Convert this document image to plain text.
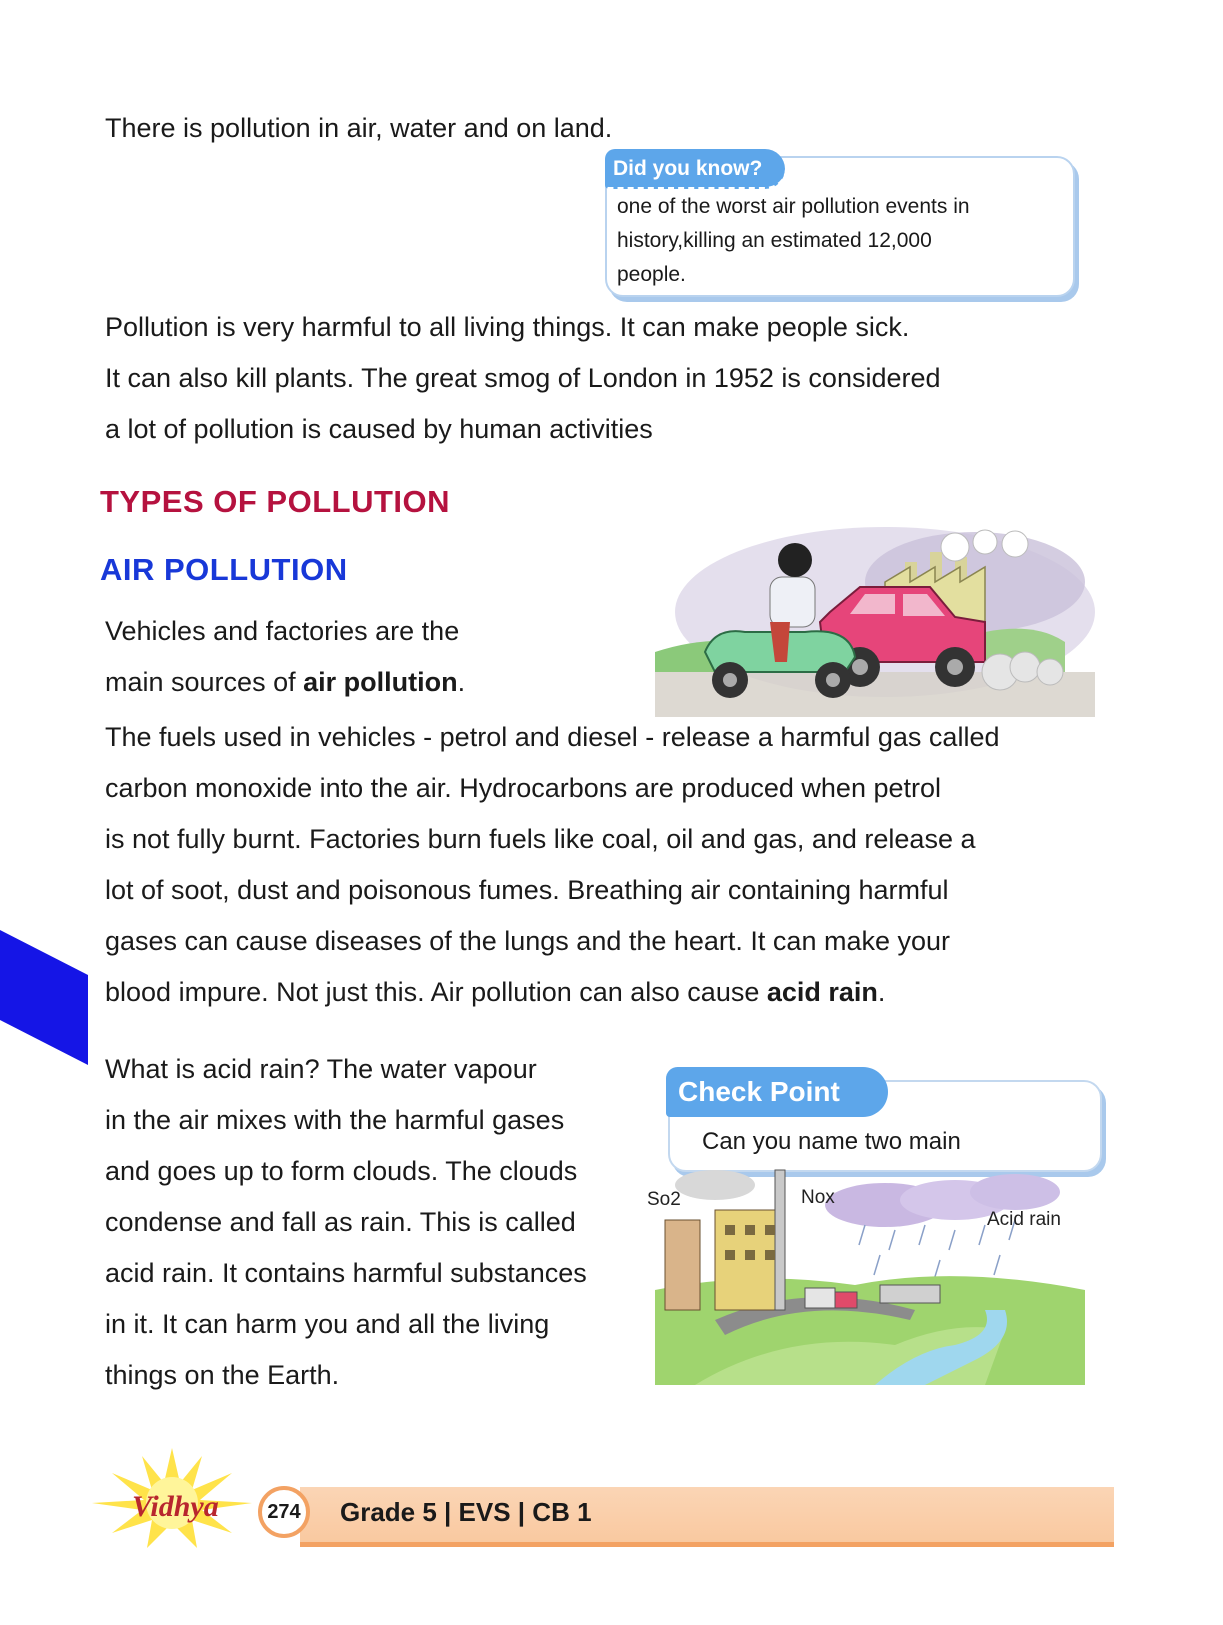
There is pollution in air, water and on land.

Did you know?
one of the worst air pollution events in
history,killing an estimated 12,000
people.
Pollution is very harmful to all living things. It can make people sick.
It can also kill plants. The great smog of London in 1952 is considered
a lot of pollution is caused by human activities
TYPES OF POLLUTION
AIR POLLUTION
Vehicles and factories are the
main sources of air pollution.
The fuels used in vehicles - petrol and diesel - release a harmful gas called
carbon monoxide into the air. Hydrocarbons are produced when petrol
is not fully burnt. Factories burn fuels like coal, oil and gas, and release a
lot of soot, dust and poisonous fumes. Breathing air containing harmful
gases can cause diseases of the lungs and the heart. It can make your
blood impure. Not just this. Air pollution can also cause acid rain.
What is acid rain? The water vapour
in the air mixes with the harmful gases
and goes up to form clouds. The clouds
condense and fall as rain. This is called
acid rain. It contains harmful substances
in it. It can harm you and all the living
things on the Earth.
Check Point
Can you name two main
So2	Nox
Acid rain
Vidhya	274	Grade 5 | EVS | CB 1
